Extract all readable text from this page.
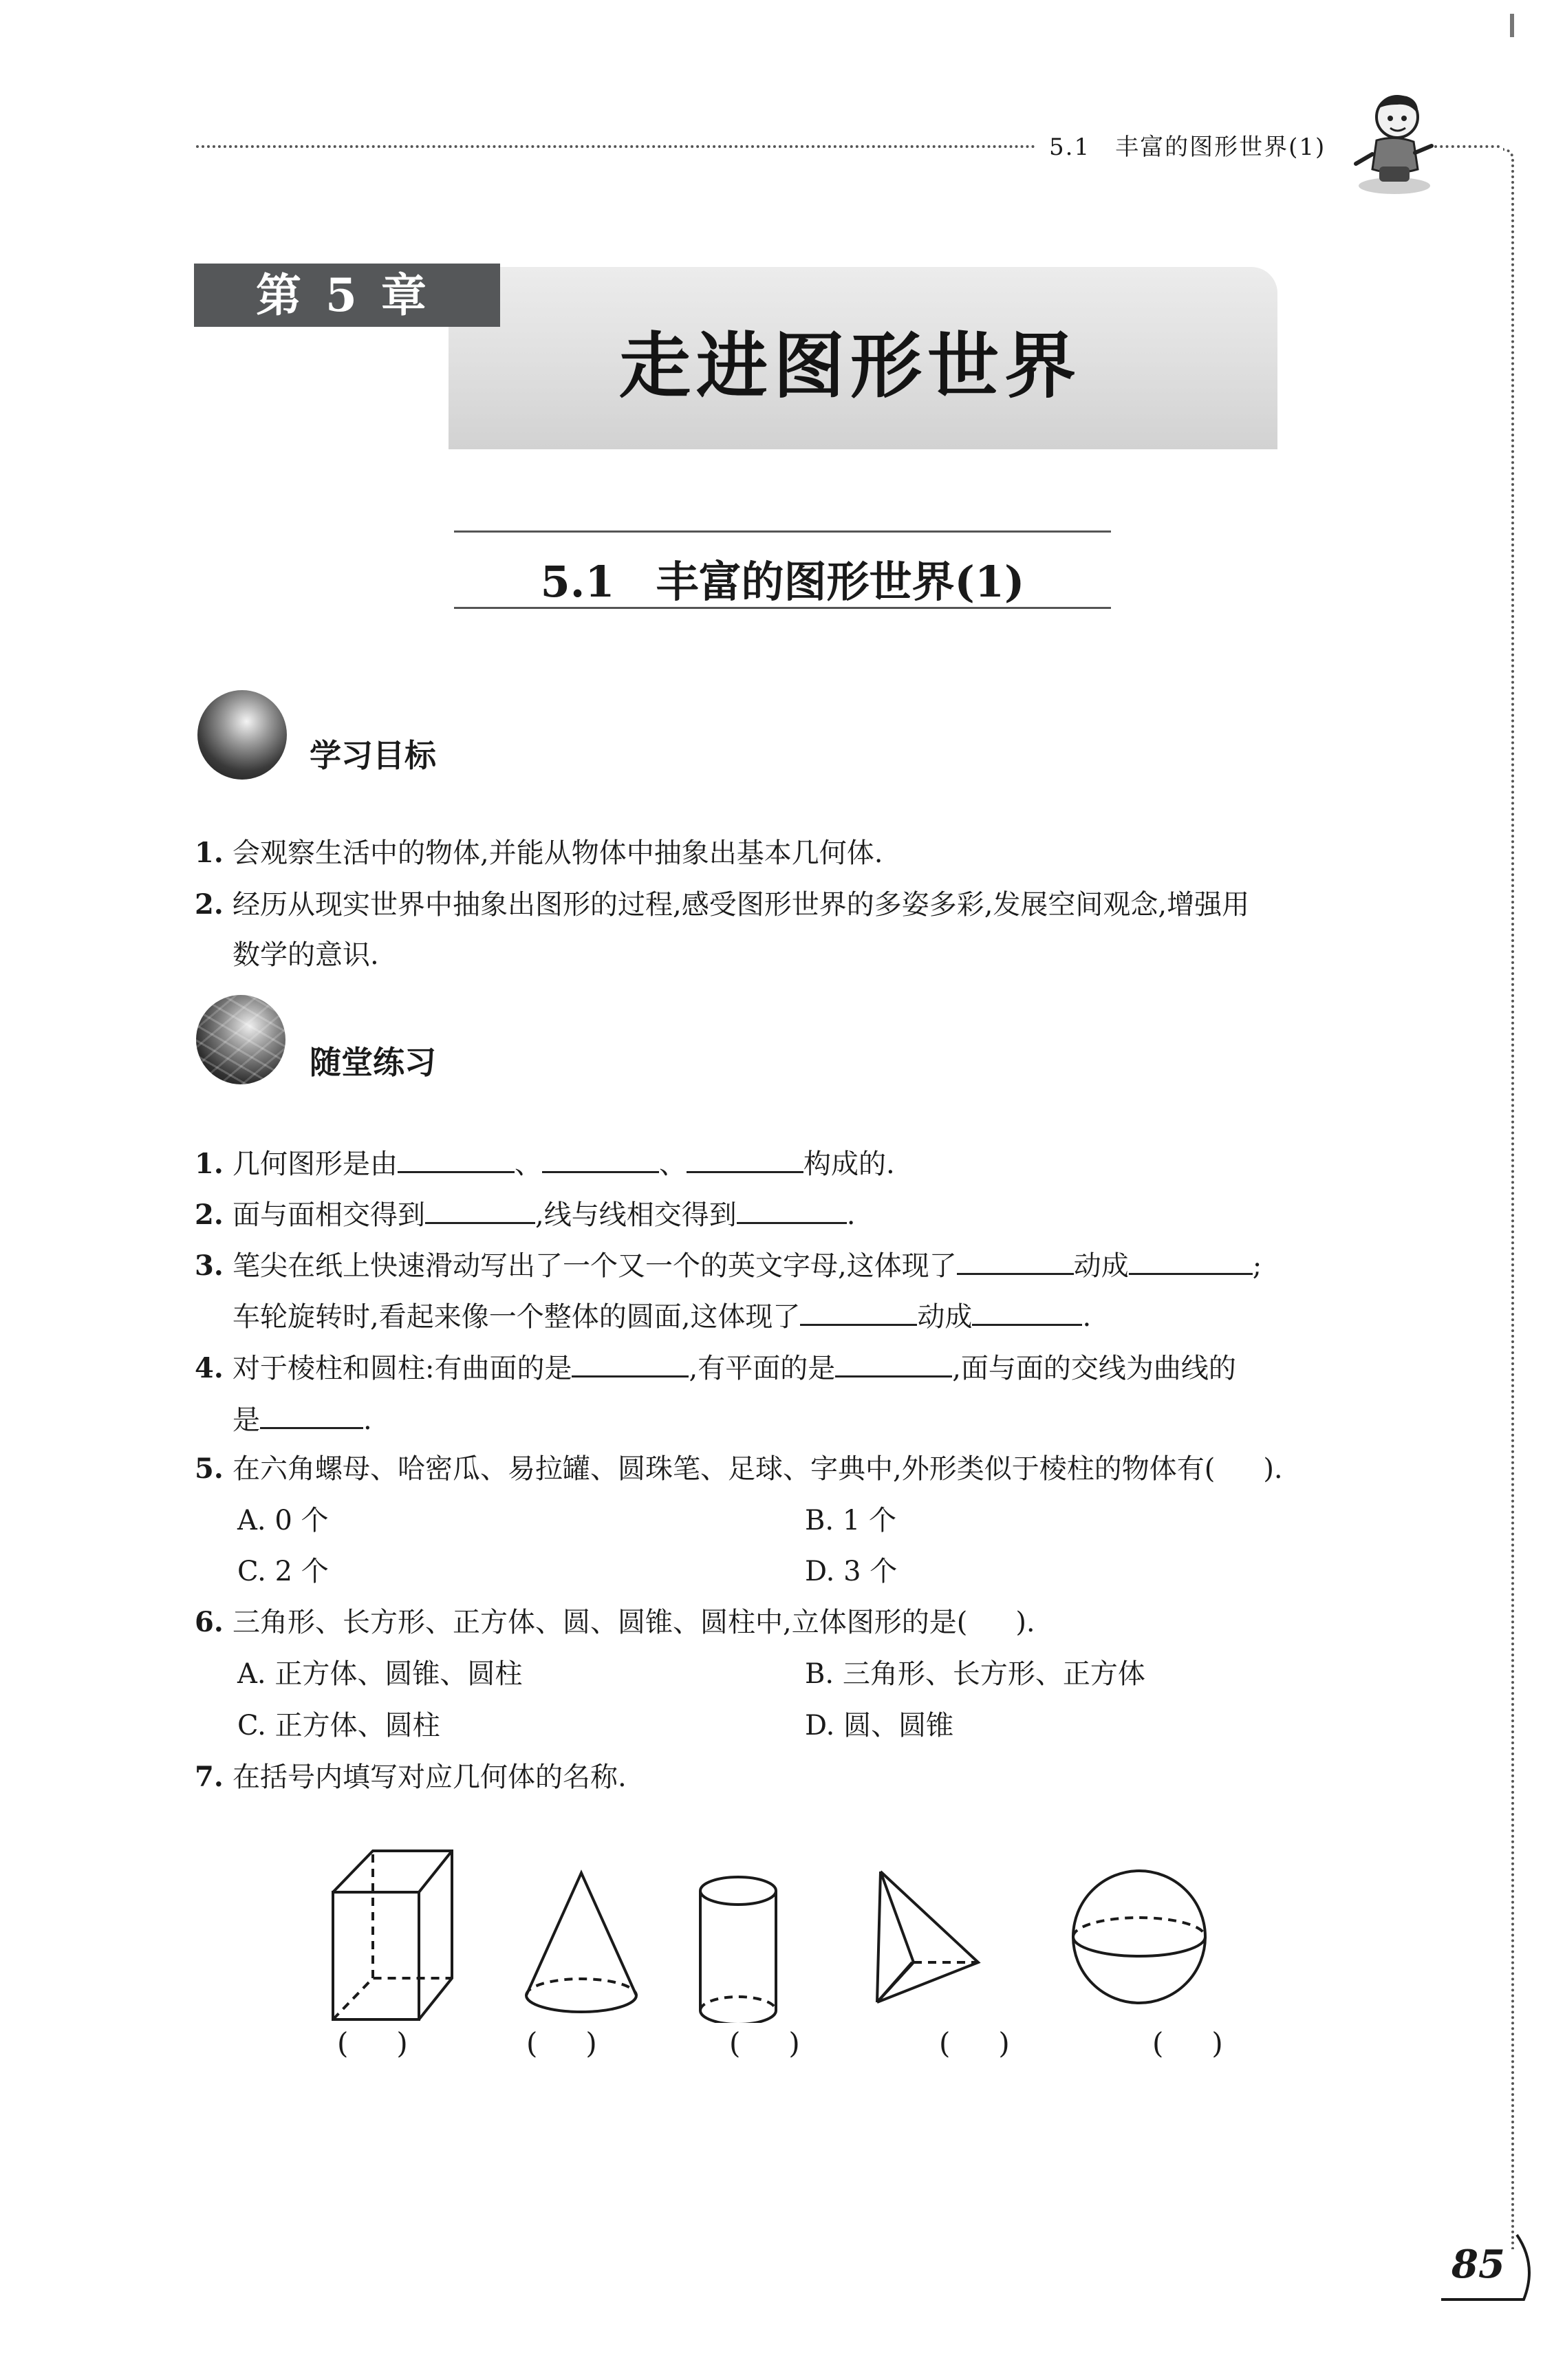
5.1　丰富的图形世界(1)
第 5 章
走进图形世界
5.1 丰富的图形世界(1)
学习目标
1. 会观察生活中的物体,并能从物体中抽象出基本几何体.
2. 经历从现实世界中抽象出图形的过程,感受图形世界的多姿多彩,发展空间观念,增强用
数学的意识.
随堂练习
1. 几何图形是由	、	、	构成的.
2. 面与面相交得到	,线与线相交得到	.
3. 笔尖在纸上快速滑动写出了一个又一个的英文字母,这体现了	动成	;
车轮旋转时,看起来像一个整体的圆面,这体现了	动成	.
4. 对于棱柱和圆柱:有曲面的是	,有平面的是	,面与面的交线为曲线的
是	.
5. 在六角螺母、哈密瓜、易拉罐、圆珠笔、足球、字典中,外形类似于棱柱的物体有( ).
A. 0 个	B. 1 个
C. 2 个	D. 3 个
6. 三角形、长方形、正方体、圆、圆锥、圆柱中,立体图形的是( ).
A. 正方体、圆锥、圆柱	B. 三角形、长方形、正方体
C. 正方体、圆柱	D. 圆、圆锥
7. 在括号内填写对应几何体的名称.
( )	( )	( )	( )	( )
85
